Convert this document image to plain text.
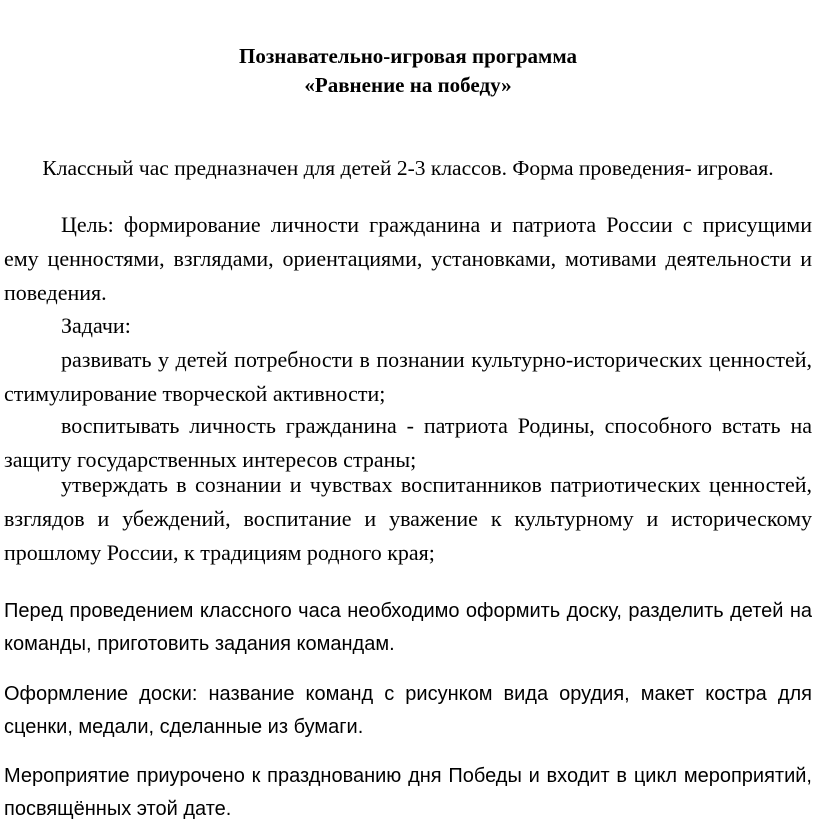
Познавательно-игровая программа
«Равнение на победу»
Классный час предназначен для детей 2-3 классов. Форма проведения- игровая.
Цель: формирование личности гражданина и патриота России с присущими ему ценностями, взглядами, ориентациями, установками, мотивами деятельности и поведения.
Задачи:
развивать у детей потребности в познании культурно-исторических ценностей, стимулирование творческой активности;
воспитывать личность гражданина - патриота Родины, способного встать на защиту государственных интересов страны;
утверждать в сознании и чувствах воспитанников патриотических ценностей, взглядов и убеждений, воспитание и уважение к культурному и историческому прошлому России, к традициям родного края;
Перед проведением классного часа необходимо оформить доску, разделить детей на команды, приготовить задания командам.
Оформление доски: название команд с рисунком вида орудия, макет костра для сценки, медали, сделанные из бумаги.
Мероприятие приурочено к празднованию дня Победы и входит в цикл мероприятий, посвящённых этой дате.
